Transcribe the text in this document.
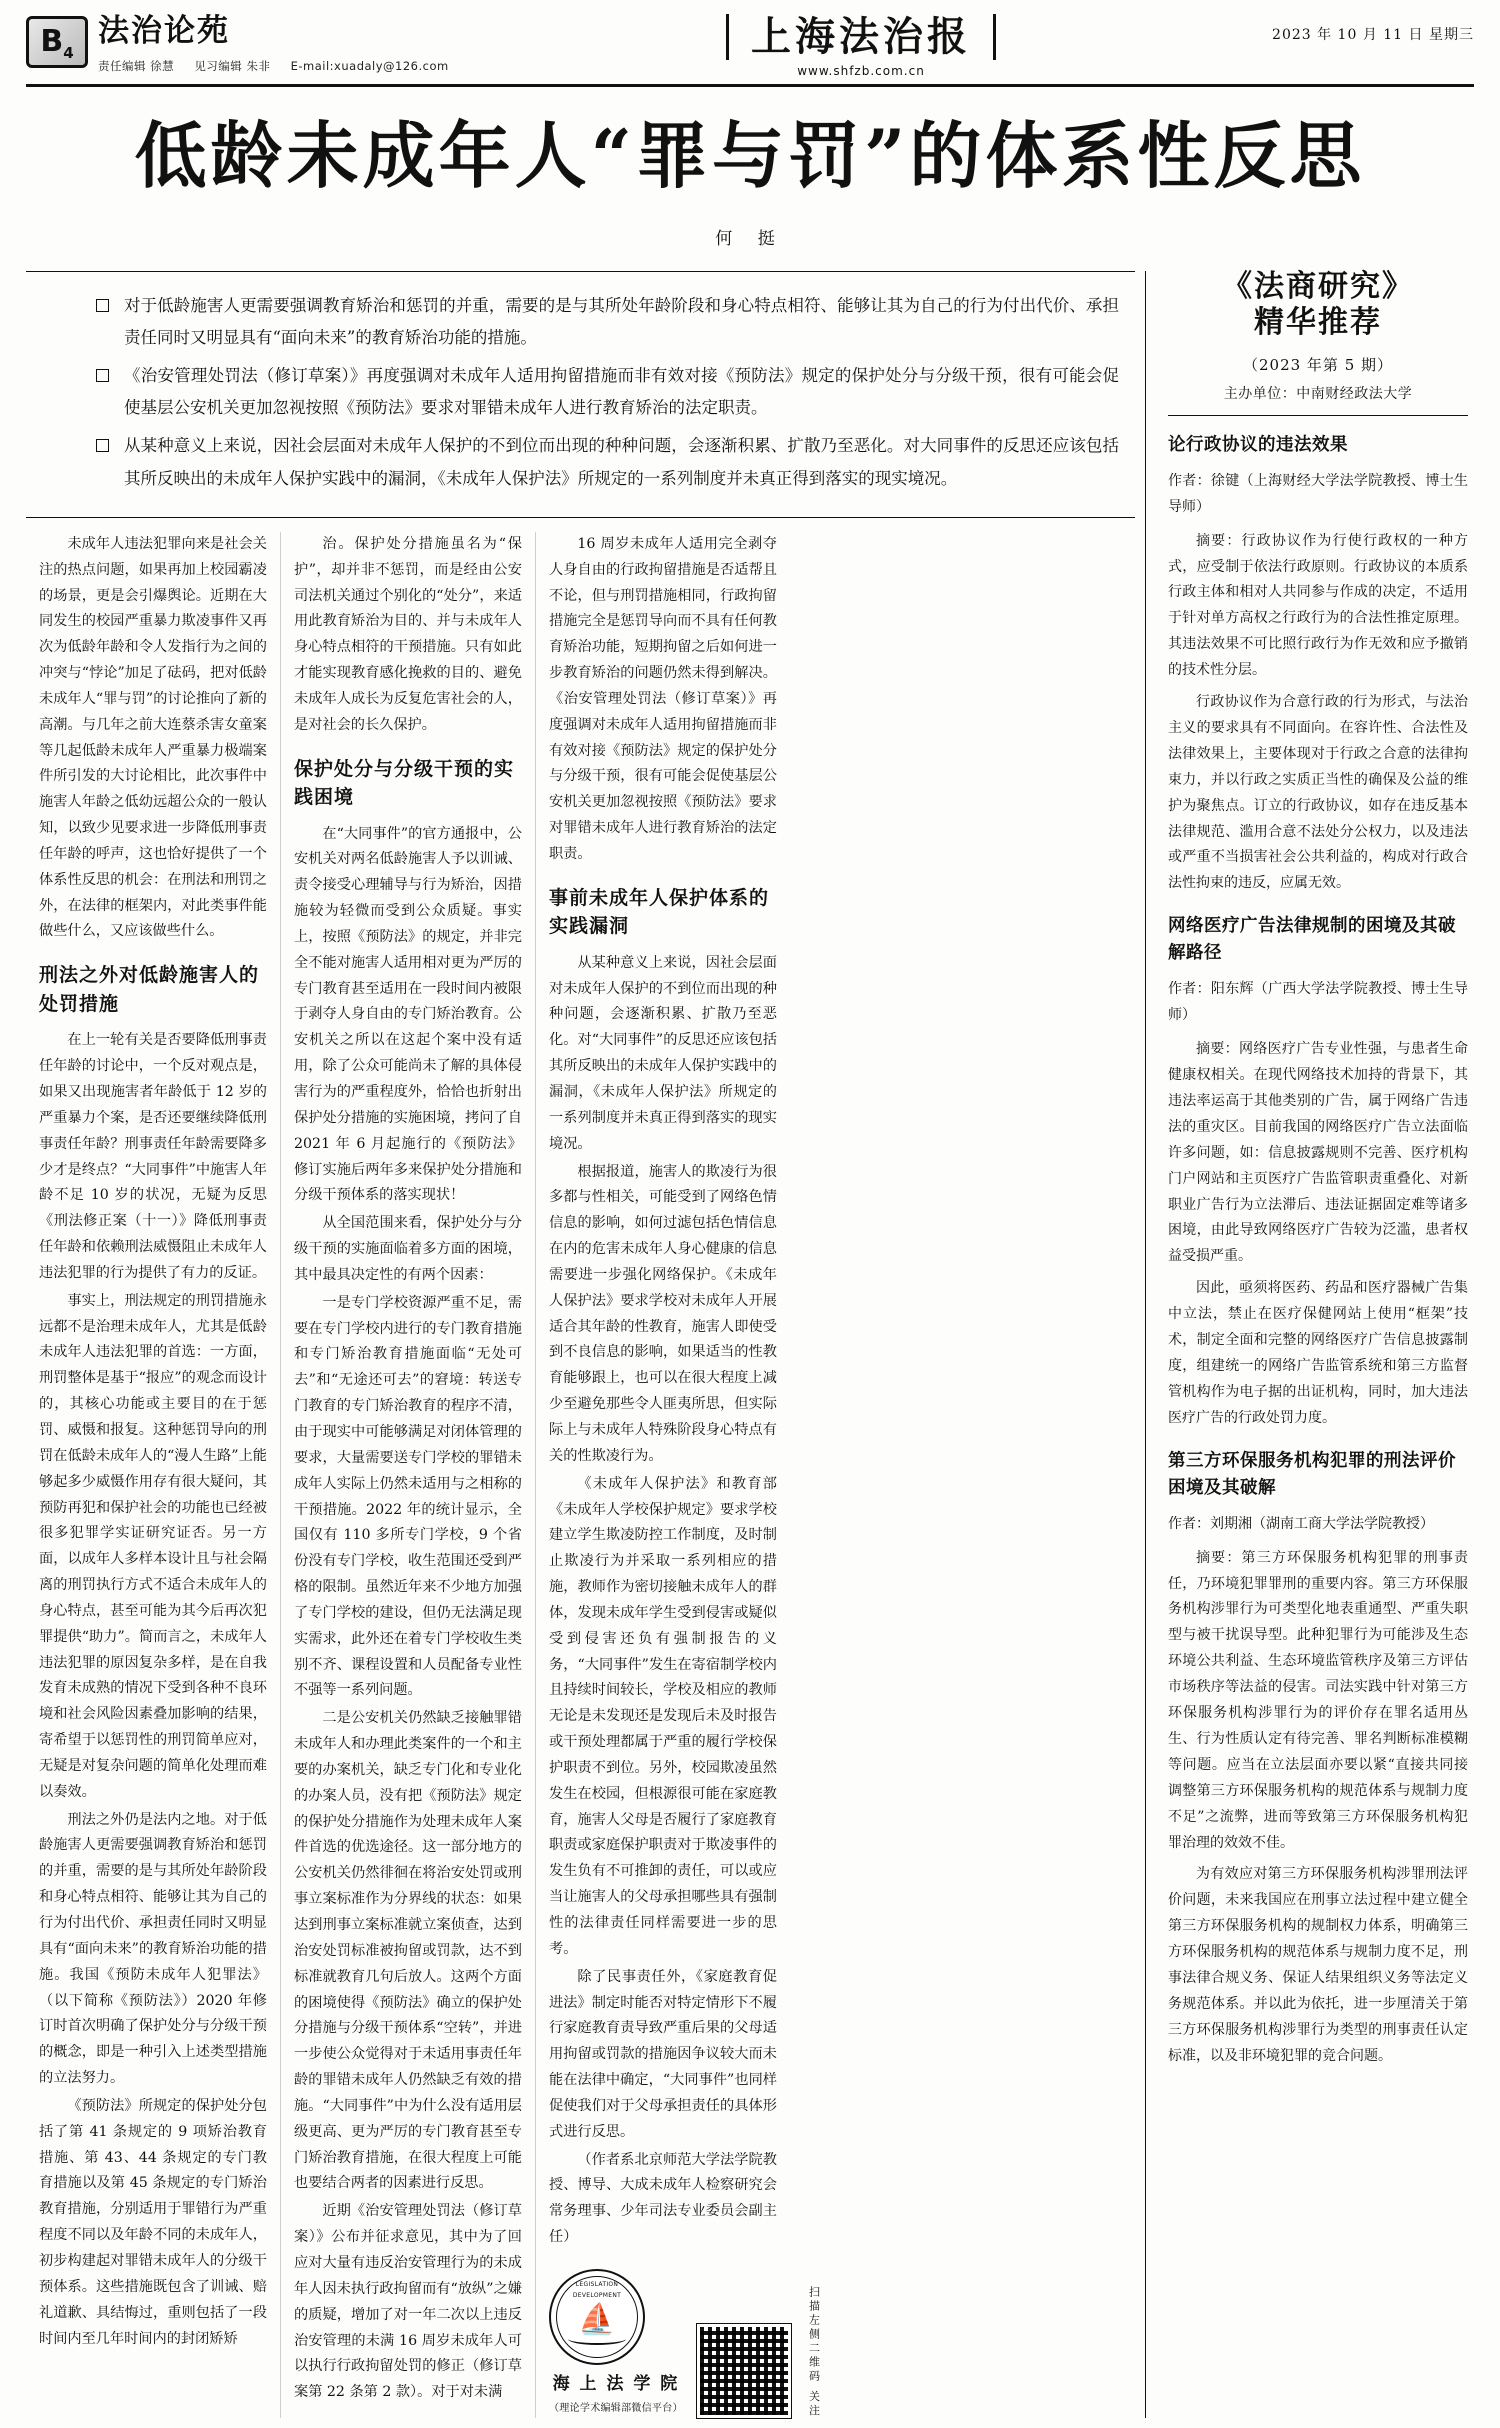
B 4
法治论苑
责任编辑 徐慧 见习编辑 朱非 E-mail:xuadaly@126.com
上海法治报
www.shfzb.com.cn
2023 年 10 月 11 日 星期三
低龄未成年人“罪与罚”的体系性反思
何 挺
对于低龄施害人更需要强调教育矫治和惩罚的并重，需要的是与其所处年龄阶段和身心特点相符、能够让其为自己的行为付出代价、承担责任同时又明显具有“面向未来”的教育矫治功能的措施。
《治安管理处罚法（修订草案）》再度强调对未成年人适用拘留措施而非有效对接《预防法》规定的保护处分与分级干预，很有可能会促使基层公安机关更加忽视按照《预防法》要求对罪错未成年人进行教育矫治的法定职责。
从某种意义上来说，因社会层面对未成年人保护的不到位而出现的种种问题，会逐渐积累、扩散乃至恶化。对大同事件的反思还应该包括其所反映出的未成年人保护实践中的漏洞，《未成年人保护法》所规定的一系列制度并未真正得到落实的现实境况。

未成年人违法犯罪向来是社会关注的热点问题，如果再加上校园霸凌的场景，更是会引爆舆论。近期在大同发生的校园严重暴力欺凌事件又再次为低龄年龄和令人发指行为之间的冲突与“悖论”加足了砝码，把对低龄未成年人“罪与罚”的讨论推向了新的高潮。与几年之前大连蔡杀害女童案等几起低龄未成年人严重暴力极端案件所引发的大讨论相比，此次事件中施害人年龄之低幼远超公众的一般认知，以致少见要求进一步降低刑事责任年龄的呼声，这也恰好提供了一个体系性反思的机会：在刑法和刑罚之外，在法律的框架内，对此类事件能做些什么，又应该做些什么。

刑法之外对低龄施害人的处罚措施

在上一轮有关是否要降低刑事责任年龄的讨论中，一个反对观点是，如果又出现施害者年龄低于 12 岁的严重暴力个案，是否还要继续降低刑事责任年龄？刑事责任年龄需要降多少才是终点？“大同事件”中施害人年龄不足 10 岁的状况，无疑为反思《刑法修正案（十一）》降低刑事责任年龄和依赖刑法威慑阻止未成年人违法犯罪的行为提供了有力的反证。

事实上，刑法规定的刑罚措施永远都不是治理未成年人，尤其是低龄未成年人违法犯罪的首选：一方面，刑罚整体是基于“报应”的观念而设计的，其核心功能或主要目的在于惩罚、威慑和报复。这种惩罚导向的刑罚在低龄未成年人的“漫人生路”上能够起多少威慑作用存有很大疑问，其预防再犯和保护社会的功能也已经被很多犯罪学实证研究证否。另一方面，以成年人多样本设计且与社会隔离的刑罚执行方式不适合未成年人的身心特点，甚至可能为其今后再次犯罪提供“助力”。简而言之，未成年人违法犯罪的原因复杂多样，是在自我发育未成熟的情况下受到各种不良环境和社会风险因素叠加影响的结果，寄希望于以惩罚性的刑罚简单应对，无疑是对复杂问题的简单化处理而难以奏效。

刑法之外仍是法内之地。对于低龄施害人更需要强调教育矫治和惩罚的并重，需要的是与其所处年龄阶段和身心特点相符、能够让其为自己的行为付出代价、承担责任同时又明显具有“面向未来”的教育矫治功能的措施。我国《预防未成年人犯罪法》（以下简称《预防法》）2020 年修订时首次明确了保护处分与分级干预的概念，即是一种引入上述类型措施的立法努力。

《预防法》所规定的保护处分包括了第 41 条规定的 9 项矫治教育措施、第 43、44 条规定的专门教育措施以及第 45 条规定的专门矫治教育措施，分别适用于罪错行为严重程度不同以及年龄不同的未成年人，初步构建起对罪错未成年人的分级干预体系。这些措施既包含了训诫、赔礼道歉、具结悔过，重则包括了一段时间内至几年时间内的封闭矫矫

治。保护处分措施虽名为“保护”，却并非不惩罚，而是经由公安司法机关通过个别化的“处分”，来适用此教育矫治为目的、并与未成年人身心特点相符的干预措施。只有如此才能实现教育感化挽救的目的、避免未成年人成长为反复危害社会的人，是对社会的长久保护。

保护处分与分级干预的实践困境

在“大同事件”的官方通报中，公安机关对两名低龄施害人予以训诫、责令接受心理辅导与行为矫治，因措施较为轻微而受到公众质疑。事实上，按照《预防法》的规定，并非完全不能对施害人适用相对更为严厉的专门教育甚至适用在一段时间内被限于剥夺人身自由的专门矫治教育。公安机关之所以在这起个案中没有适用，除了公众可能尚未了解的具体侵害行为的严重程度外，恰恰也折射出保护处分措施的实施困境，拷问了自 2021 年 6 月起施行的《预防法》修订实施后两年多来保护处分措施和分级干预体系的落实现状！

从全国范围来看，保护处分与分级干预的实施面临着多方面的困境，其中最具决定性的有两个因素：

一是专门学校资源严重不足，需要在专门学校内进行的专门教育措施和专门矫治教育措施面临“无处可去”和“无途还可去”的窘境：转送专门教育的专门矫治教育的程序不清，由于现实中可能够满足对闭体管理的要求，大量需要送专门学校的罪错未成年人实际上仍然未适用与之相称的干预措施。2022 年的统计显示，全国仅有 110 多所专门学校，9 个省份没有专门学校，收生范围还受到严格的限制。虽然近年来不少地方加强了专门学校的建设，但仍无法满足现实需求，此外还在着专门学校收生类别不齐、课程设置和人员配备专业性不强等一系列问题。

二是公安机关仍然缺乏接触罪错未成年人和办理此类案件的一个和主要的办案机关，缺乏专门化和专业化的办案人员，没有把《预防法》规定的保护处分措施作为处理未成年人案件首选的优选途径。这一部分地方的公安机关仍然徘徊在将治安处罚或刑事立案标准作为分界线的状态：如果达到刑事立案标准就立案侦查，达到治安处罚标准被拘留或罚款，达不到标准就教育几句后放人。这两个方面的困境使得《预防法》确立的保护处分措施与分级干预体系“空转”，并进一步使公众觉得对于未适用事责任年龄的罪错未成年人仍然缺乏有效的措施。“大同事件”中为什么没有适用层级更高、更为严厉的专门教育甚至专门矫治教育措施，在很大程度上可能也要结合两者的因素进行反思。

近期《治安管理处罚法（修订草案）》公布并征求意见，其中为了回应对大量有违反治安管理行为的未成年人因未执行政拘留而有“放纵”之嫌的质疑，增加了对一年二次以上违反治安管理的未满 16 周岁未成年人可以执行行政拘留处罚的修正（修订草案第 22 条第 2 款）。对于对未满

16 周岁未成年人适用完全剥夺人身自由的行政拘留措施是否适帮且不论，但与刑罚措施相同，行政拘留措施完全是惩罚导向而不具有任何教育矫治功能，短期拘留之后如何进一步教育矫治的问题仍然未得到解决。《治安管理处罚法（修订草案）》再度强调对未成年人适用拘留措施而非有效对接《预防法》规定的保护处分与分级干预，很有可能会促使基层公安机关更加忽视按照《预防法》要求对罪错未成年人进行教育矫治的法定职责。

事前未成年人保护体系的实践漏洞

从某种意义上来说，因社会层面对未成年人保护的不到位而出现的种种问题，会逐渐积累、扩散乃至恶化。对“大同事件”的反思还应该包括其所反映出的未成年人保护实践中的漏洞，《未成年人保护法》所规定的一系列制度并未真正得到落实的现实境况。

根据报道，施害人的欺凌行为很多都与性相关，可能受到了网络色情信息的影响，如何过滤包括色情信息在内的危害未成年人身心健康的信息需要进一步强化网络保护。《未成年人保护法》要求学校对未成年人开展适合其年龄的性教育，施害人即使受到不良信息的影响，如果适当的性教育能够跟上，也可以在很大程度上减少至避免那些令人匪夷所思，但实际际上与未成年人特殊阶段身心特点有关的性欺凌行为。

《未成年人保护法》和教育部《未成年人学校保护规定》要求学校建立学生欺凌防控工作制度，及时制止欺凌行为并采取一系列相应的措施，教师作为密切接触未成年人的群体，发现未成年学生受到侵害或疑似受到侵害还负有强制报告的义务，“大同事件”发生在寄宿制学校内且持续时间较长，学校及相应的教师无论是未发现还是发现后未及时报告或干预处理都属于严重的履行学校保护职责不到位。另外，校园欺凌虽然发生在校园，但根源很可能在家庭教育，施害人父母是否履行了家庭教育职责或家庭保护职责对于欺凌事件的发生负有不可推卸的责任，可以或应当让施害人的父母承担哪些具有强制性的法律责任同样需要进一步的思考。

除了民事责任外，《家庭教育促进法》制定时能否对特定情形下不履行家庭教育责导致严重后果的父母适用拘留或罚款的措施因争议较大而未能在法律中确定，“大同事件”也同样促使我们对于父母承担责任的具体形式进行反思。

（作者系北京师范大学法学院教授、博导、大成未成年人检察研究会常务理事、少年司法专业委员会副主任）

LEGISLATION DEVELOPMENT
⛵
海 上 法 学 院
（理论学术编辑部微信平台）	扫描左侧二维码 关注
《法商研究》
精华推荐
（2023 年第 5 期）
主办单位：中南财经政法大学
论行政协议的违法效果
作者：徐键（上海财经大学法学院教授、博士生导师）

摘要：行政协议作为行使行政权的一种方式，应受制于依法行政原则。行政协议的本质系行政主体和相对人共同参与作成的决定，不适用于针对单方高权之行政行为的合法性推定原理。其违法效果不可比照行政行为作无效和应予撤销的技术性分层。

行政协议作为合意行政的行为形式，与法治主义的要求具有不同面向。在容许性、合法性及法律效果上，主要体现对于行政之合意的法律拘束力，并以行政之实质正当性的确保及公益的维护为聚焦点。订立的行政协议，如存在违反基本法律规范、滥用合意不法处分公权力，以及违法或严重不当损害社会公共利益的，构成对行政合法性拘束的违反，应属无效。

网络医疗广告法律规制的困境及其破解路径
作者：阳东辉（广西大学法学院教授、博士生导师）

摘要：网络医疗广告专业性强，与患者生命健康权相关。在现代网络技术加持的背景下，其违法率运高于其他类别的广告，属于网络广告违法的重灾区。目前我国的网络医疗广告立法面临许多问题，如：信息披露规则不完善、医疗机构门户网站和主页医疗广告监管职责重叠化、对新职业广告行为立法滞后、违法证据固定难等诸多困境，由此导致网络医疗广告较为泛滥，患者权益受损严重。

因此，亟须将医药、药品和医疗器械广告集中立法，禁止在医疗保健网站上使用“框架”技术，制定全面和完整的网络医疗广告信息披露制度，组建统一的网络广告监管系统和第三方监督管机构作为电子据的出证机构，同时，加大违法医疗广告的行政处罚力度。

第三方环保服务机构犯罪的刑法评价困境及其破解
作者：刘期湘（湖南工商大学法学院教授）

摘要：第三方环保服务机构犯罪的刑事责任，乃环境犯罪罪刑的重要内容。第三方环保服务机构涉罪行为可类型化地表重通型、严重失职型与被干扰误导型。此种犯罪行为可能涉及生态环境公共利益、生态环境监管秩序及第三方评估市场秩序等法益的侵害。司法实践中针对第三方环保服务机构涉罪行为的评价存在罪名适用丛生、行为性质认定有待完善、罪名判断标准模糊等问题。应当在立法层面亦要以紧“直接共同接调整第三方环保服务机构的规范体系与规制力度不足”之流弊，进而等致第三方环保服务机构犯罪治理的效效不佳。

为有效应对第三方环保服务机构涉罪刑法评价问题，未来我国应在刑事立法过程中建立健全第三方环保服务机构的规制权力体系，明确第三方环保服务机构的规范体系与规制力度不足，刑事法律合规义务、保证人结果组织义务等法定义务规范体系。并以此为依托，进一步厘清关于第三方环保服务机构涉罪行为类型的刑事责任认定标准，以及非环境犯罪的竞合问题。
